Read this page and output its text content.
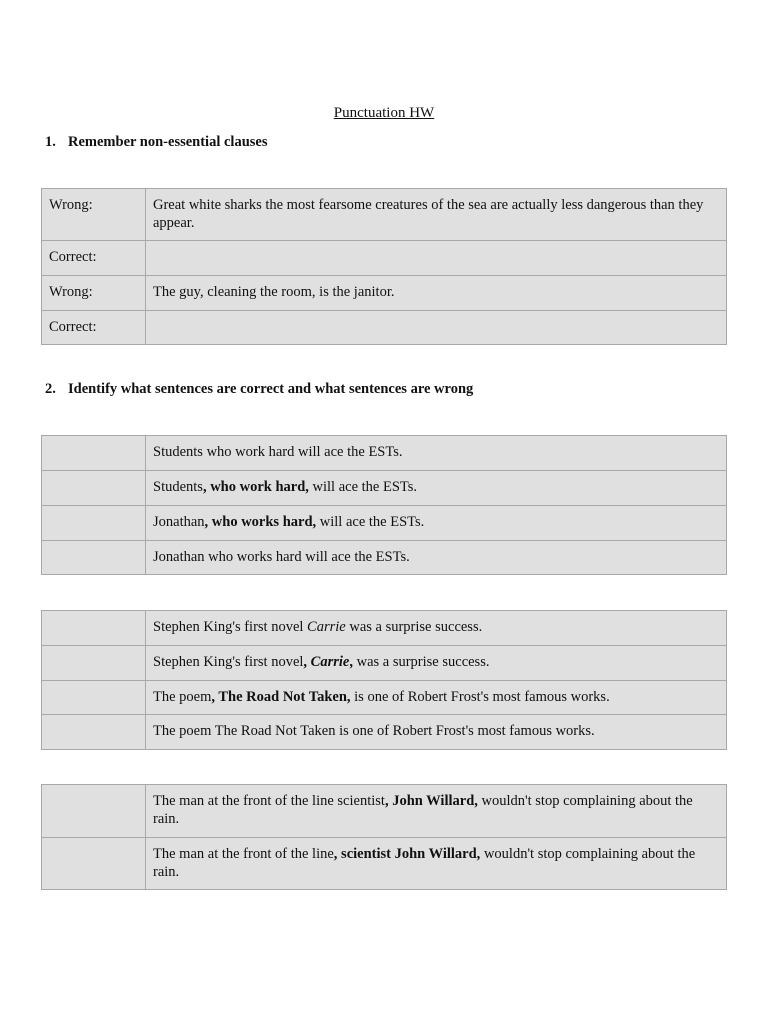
Punctuation HW
1. Remember non-essential clauses
Wrong:	Great white sharks the most fearsome creatures of the sea are actually less dangerous than they appear.
Correct:	
Wrong:	The guy, cleaning the room, is the janitor.
Correct:	
2. Identify what sentences are correct and what sentences are wrong
	Students who work hard will ace the ESTs.
	Students, who work hard, will ace the ESTs.
	Jonathan, who works hard, will ace the ESTs.
	Jonathan who works hard will ace the ESTs.
	Stephen King's first novel Carrie was a surprise success.
	Stephen King's first novel, Carrie, was a surprise success.
	The poem, The Road Not Taken, is one of Robert Frost's most famous works.
	The poem The Road Not Taken is one of Robert Frost's most famous works.
	The man at the front of the line scientist, John Willard, wouldn't stop complaining about the rain.
	The man at the front of the line, scientist John Willard, wouldn't stop complaining about the rain.
